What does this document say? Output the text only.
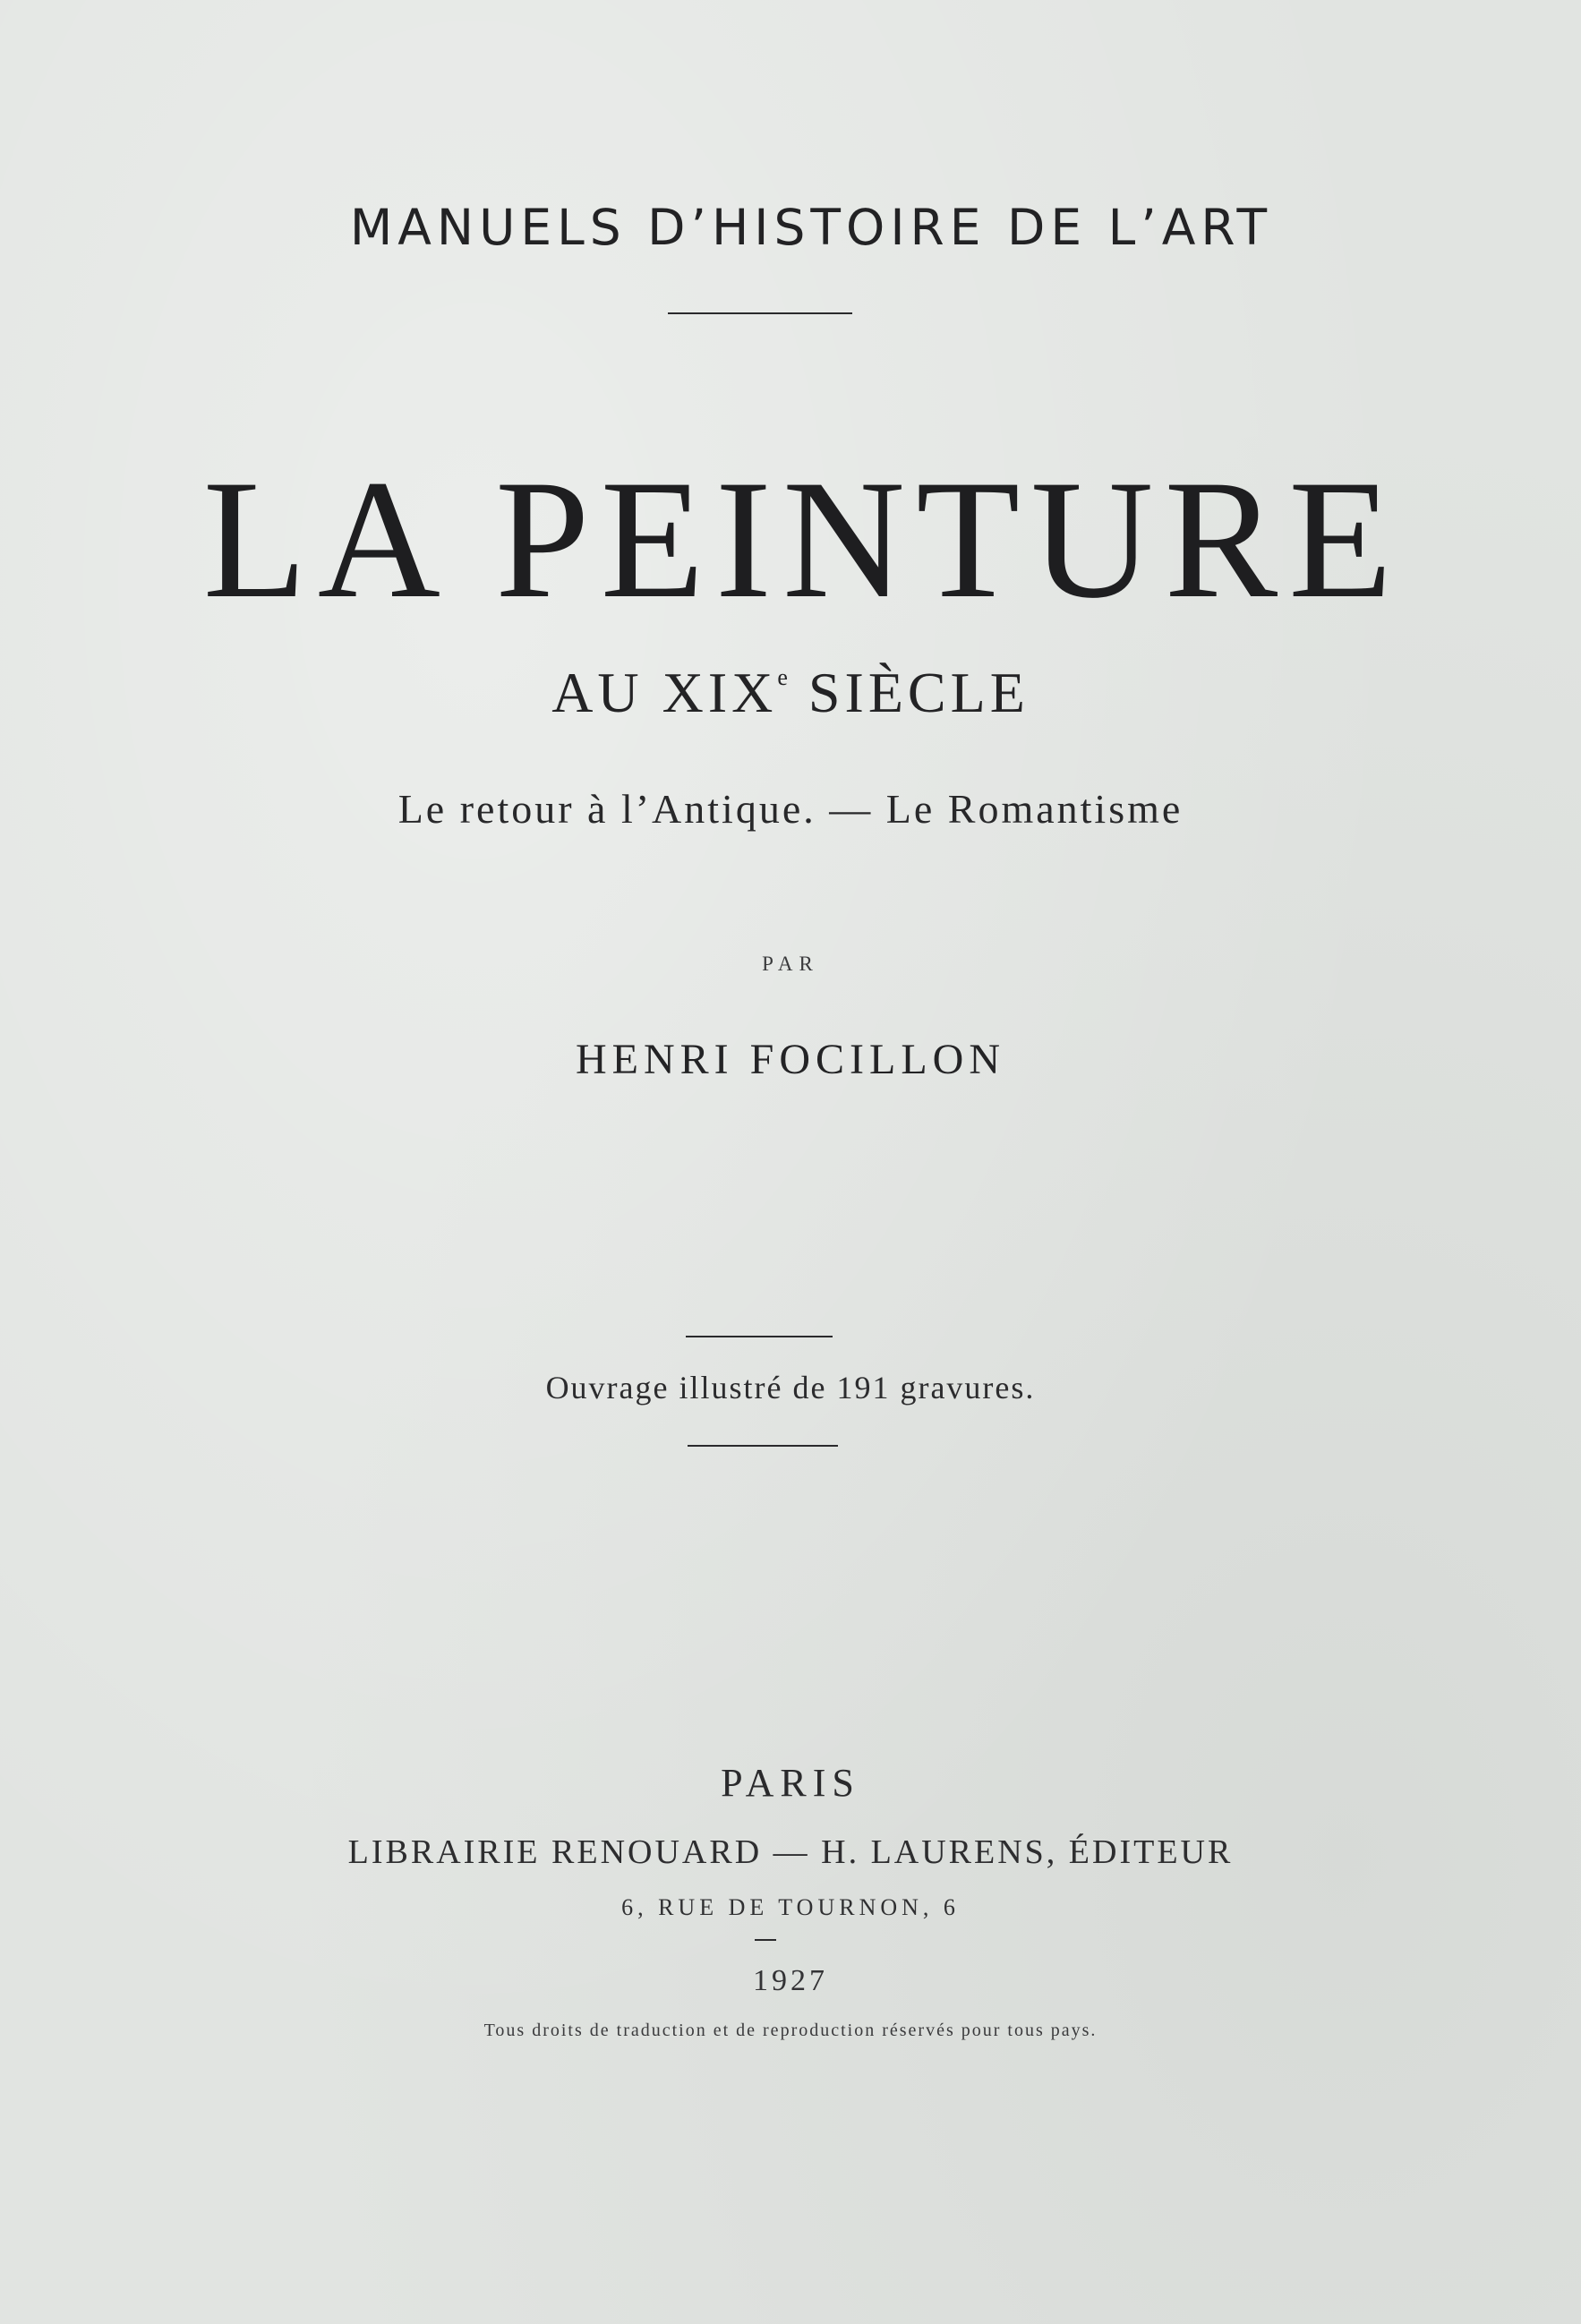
MANUELS D’HISTOIRE DE L’ART

LA PEINTURE

AU XIXe SIÈCLE

Le retour à l’Antique. — Le Romantisme

PAR

HENRI FOCILLON

Ouvrage illustré de 191 gravures.

PARIS

LIBRAIRIE RENOUARD — H. LAURENS, ÉDITEUR

6, RUE DE TOURNON, 6

1927

Tous droits de traduction et de reproduction réservés pour tous pays.
